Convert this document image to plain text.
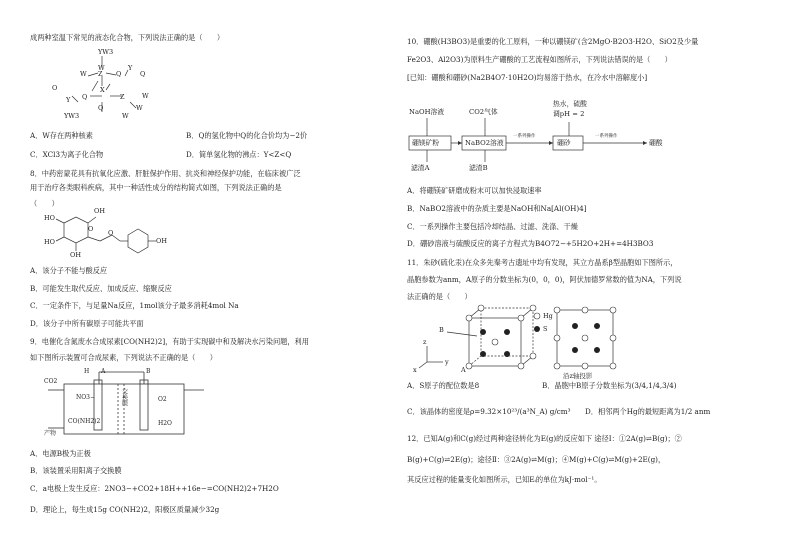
成两种室温下常见的液态化合物，下列说法正确的是（　　）
YW3
W
W
Z Q
Y
Q
X
O
Y Q	Z	W
Q	W
YW3	W
A．W存在两种核素	B．Q的氢化物中Q的化合价均为−2价
C．XCl3为离子化合物	D．简单氢化物的沸点：Y<Z<Q
8．中药密蒙花具有抗氧化应激、肝脏保护作用、抗炎和神经保护功能，在临床被广泛
用于治疗各类眼科疾病，其中一种活性成分的结构简式如图，下列说法正确的是
（　　）
OH
HO
O O
HO
OH
OH
A．该分子不能与酸反应
B．可能发生取代反应、加成反应、缩聚反应
C．一定条件下，与足量Na反应，1mol该分子最多消耗4mol Na
D．该分子中所有碳原子可能共平面
9．电催化含氮废水合成尿素[CO(NH2)2]，有助于实现碳中和及解决水污染问题，利用
如下图所示装置可合成尿素，下列说法不正确的是（　　）
CO2
H A
NO3−
CO(NH2)2
交换膜	O2
H2O
B
产物
A．电源B极为正极
B．该装置采用阳离子交换膜
C．a电极上发生反应：2NO3−+CO2+18H++16e−=CO(NH2)2+7H2O
D．理论上，每生成15g CO(NH2)2，阳极区质量减少32g
10．硼酸(H3BO3)是重要的化工原料，一种以硼镁矿(含2MgO·B2O3·H2O、SiO2及少量
Fe2O3、Al2O3)为原料生产硼酸的工艺流程如图所示，下列说法错误的是（　　）
[已知：硼酸和硼砂(Na2B4O7·10H2O)均易溶于热水，在冷水中溶解度小]
NaOH溶液	CO2气体
热水，硫酸
调pH = 2
硼镁矿粉	NaBO2溶液	硼砂
一系列操作	一系列操作
硼酸
滤渣A	滤渣B
A．将硼镁矿研磨成粉末可以加快浸取速率
B．NaBO2溶液中的杂质主要是NaOH和Na[Al(OH)4]
C．一系列操作主要包括冷却结晶、过滤、洗涤、干燥
D．硼砂溶液与硫酸反应的离子方程式为B4O72−+5H2O+2H+=4H3BO3
11．朱砂(硫化汞)在众多先秦考古遗址中均有发现，其立方晶系β型晶胞如下图所示，
晶胞参数为anm，A原子的分数坐标为(0，0，0)，阿伏加德罗常数的值为NA，下列说
法正确的是（　　）
B
Hg
S
z
y
x	A
沿z轴投影
A．S原子的配位数是8	B．晶胞中B原子分数坐标为(3/4,1/4,3/4)
C．该晶体的密度是ρ=9.32×10²³/(a³N_A) g/cm³ D．相邻两个Hg的最短距离为1/2 anm
12．已知A(g)和C(g)经过两种途径转化为E(g)的反应如下 途径Ⅰ：①2A(g)⇌B(g)；②
B(g)+C(g)⇌2E(g)；途径Ⅱ：③2A(g)⇌M(g)；④M(g)+C(g)⇌M(g)+2E(g)，
其反应过程的能量变化如图所示，已知Eᵢ的单位为kJ·mol⁻¹。
